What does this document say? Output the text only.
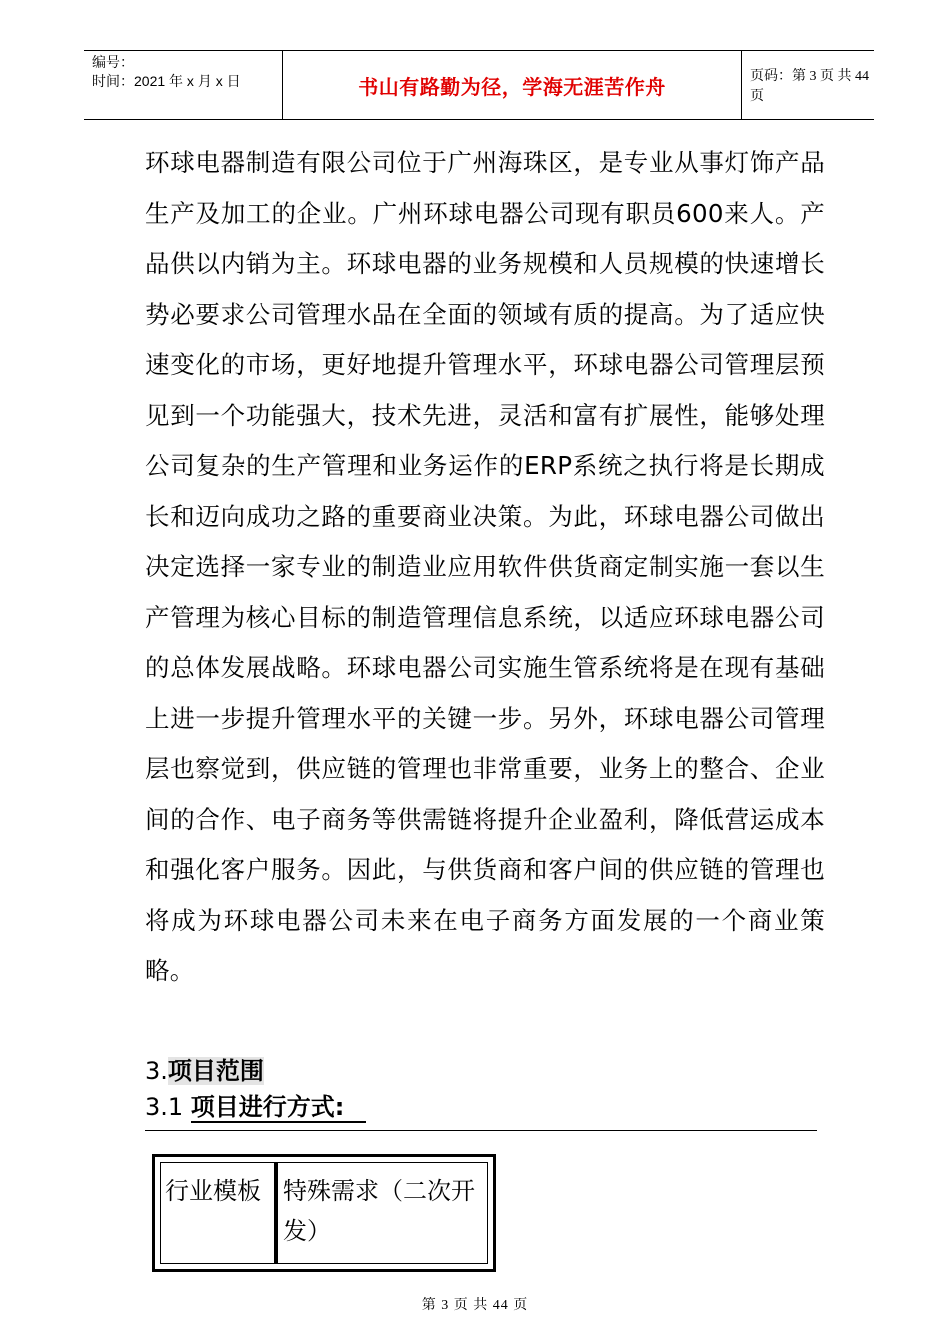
编号：
时间：2021 年 x 月 x 日	书山有路勤为径，学海无涯苦作舟	页码：第 3 页 共 44 页

环球电器制造有限公司位于广州海珠区，是专业从事灯饰产品生产及加工的企业。广州环球电器公司现有职员600来人。产品供以内销为主。环球电器的业务规模和人员规模的快速增长势必要求公司管理水品在全面的领域有质的提高。为了适应快速变化的市场，更好地提升管理水平，环球电器公司管理层预见到一个功能强大，技术先进，灵活和富有扩展性，能够处理公司复杂的生产管理和业务运作的ERP系统之执行将是长期成长和迈向成功之路的重要商业决策。为此，环球电器公司做出决定选择一家专业的制造业应用软件供货商定制实施一套以生产管理为核心目标的制造管理信息系统，以适应环球电器公司的总体发展战略。环球电器公司实施生管系统将是在现有基础上进一步提升管理水平的关键一步。另外，环球电器公司管理层也察觉到，供应链的管理也非常重要，业务上的整合、企业间的合作、电子商务等供需链将提升企业盈利，降低营运成本和强化客户服务。因此，与供货商和客户间的供应链的管理也将成为环球电器公司未来在电子商务方面发展的一个商业策略。

3.项目范围
3.1 项目进行方式:
行业模板 特殊需求（二次开发）
第 3 页 共 44 页
